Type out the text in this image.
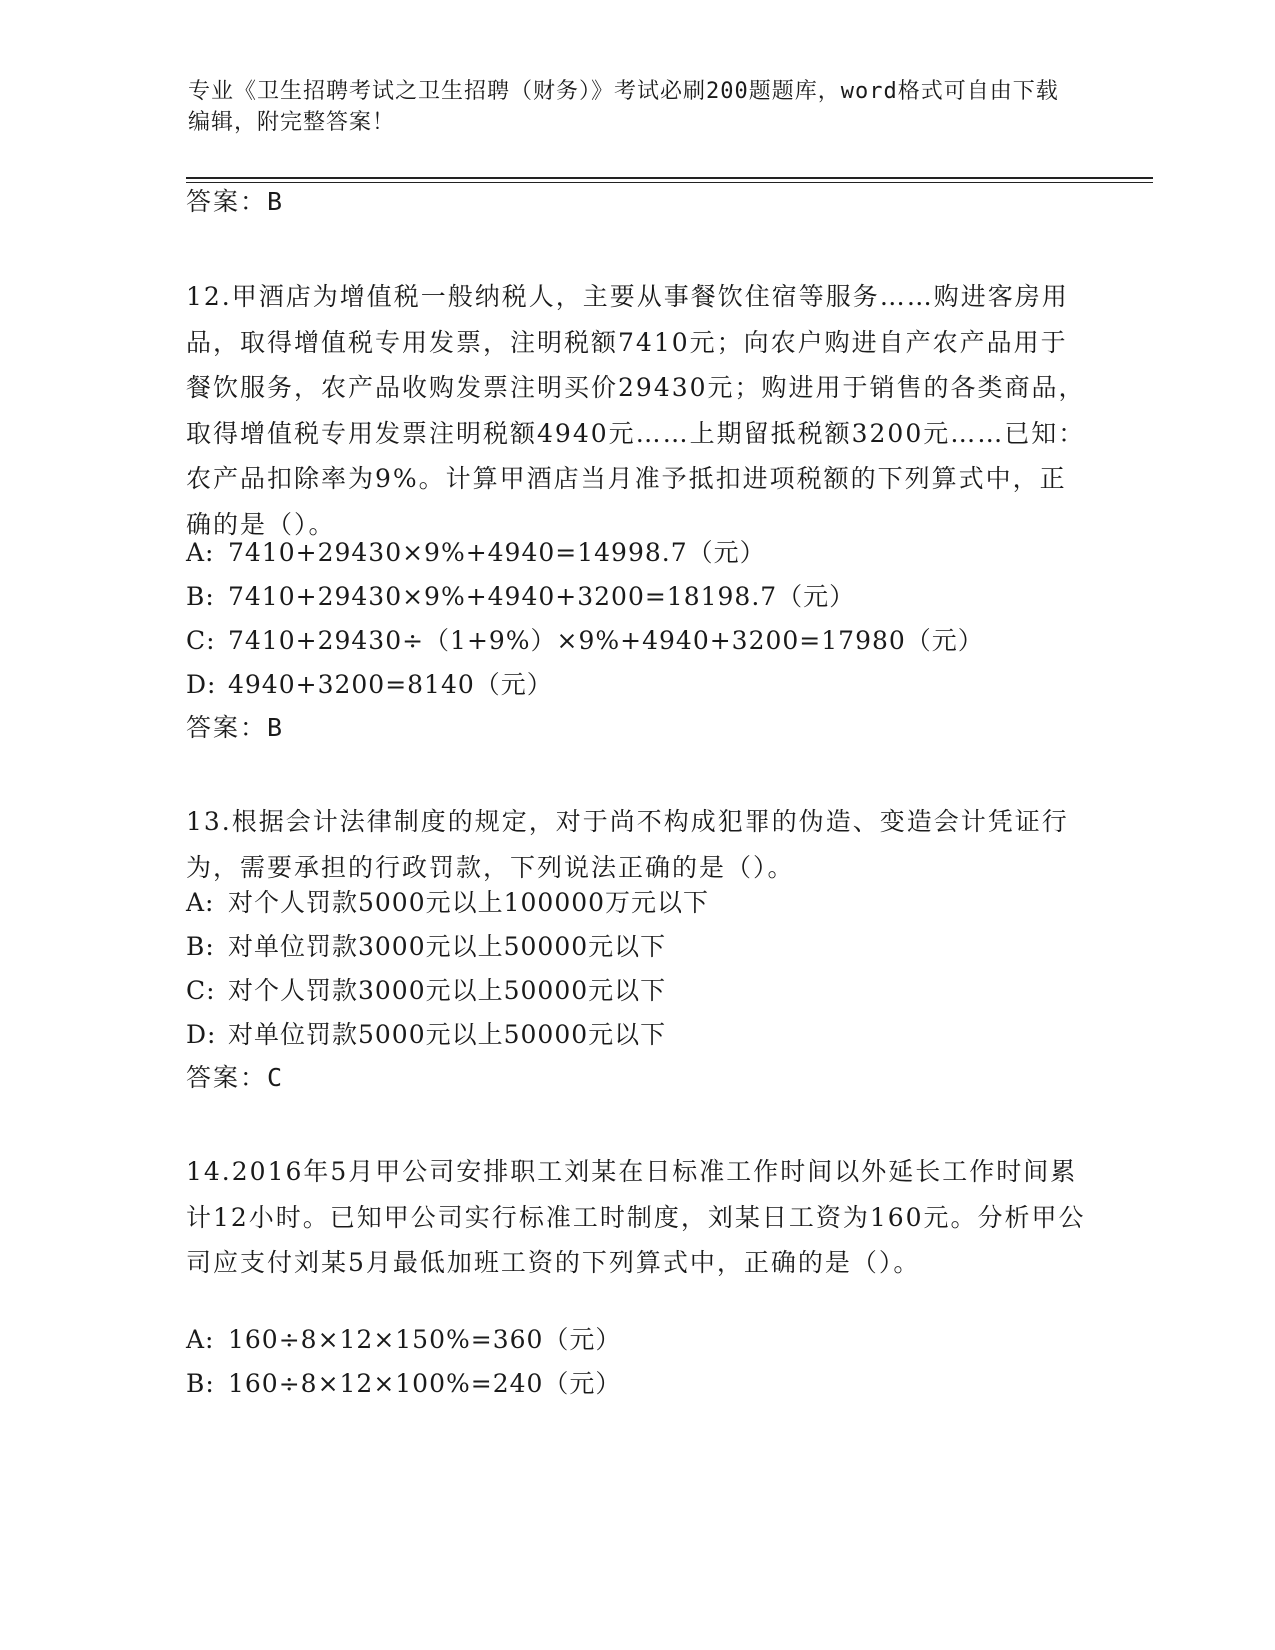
专业《卫生招聘考试之卫生招聘（财务）》考试必刷200题题库，word格式可自由下载编辑，附完整答案！
答案：B
12.甲酒店为增值税一般纳税人，主要从事餐饮住宿等服务……购进客房用品，取得增值税专用发票，注明税额7410元；向农户购进自产农产品用于餐饮服务，农产品收购发票注明买价29430元；购进用于销售的各类商品，取得增值税专用发票注明税额4940元……上期留抵税额3200元……已知：农产品扣除率为9%。计算甲酒店当月准予抵扣进项税额的下列算式中，正确的是（）。
A: 7410+29430×9%+4940=14998.7（元）
B: 7410+29430×9%+4940+3200=18198.7（元）
C: 7410+29430÷（1+9%）×9%+4940+3200=17980（元）
D: 4940+3200=8140（元）
答案：B
13.根据会计法律制度的规定，对于尚不构成犯罪的伪造、变造会计凭证行为，需要承担的行政罚款，下列说法正确的是（）。
A: 对个人罚款5000元以上100000万元以下
B: 对单位罚款3000元以上50000元以下
C: 对个人罚款3000元以上50000元以下
D: 对单位罚款5000元以上50000元以下
答案：C
14.2016年5月甲公司安排职工刘某在日标准工作时间以外延长工作时间累计12小时。已知甲公司实行标准工时制度，刘某日工资为160元。分析甲公司应支付刘某5月最低加班工资的下列算式中，正确的是（）。
A: 160÷8×12×150%=360（元）
B: 160÷8×12×100%=240（元）
